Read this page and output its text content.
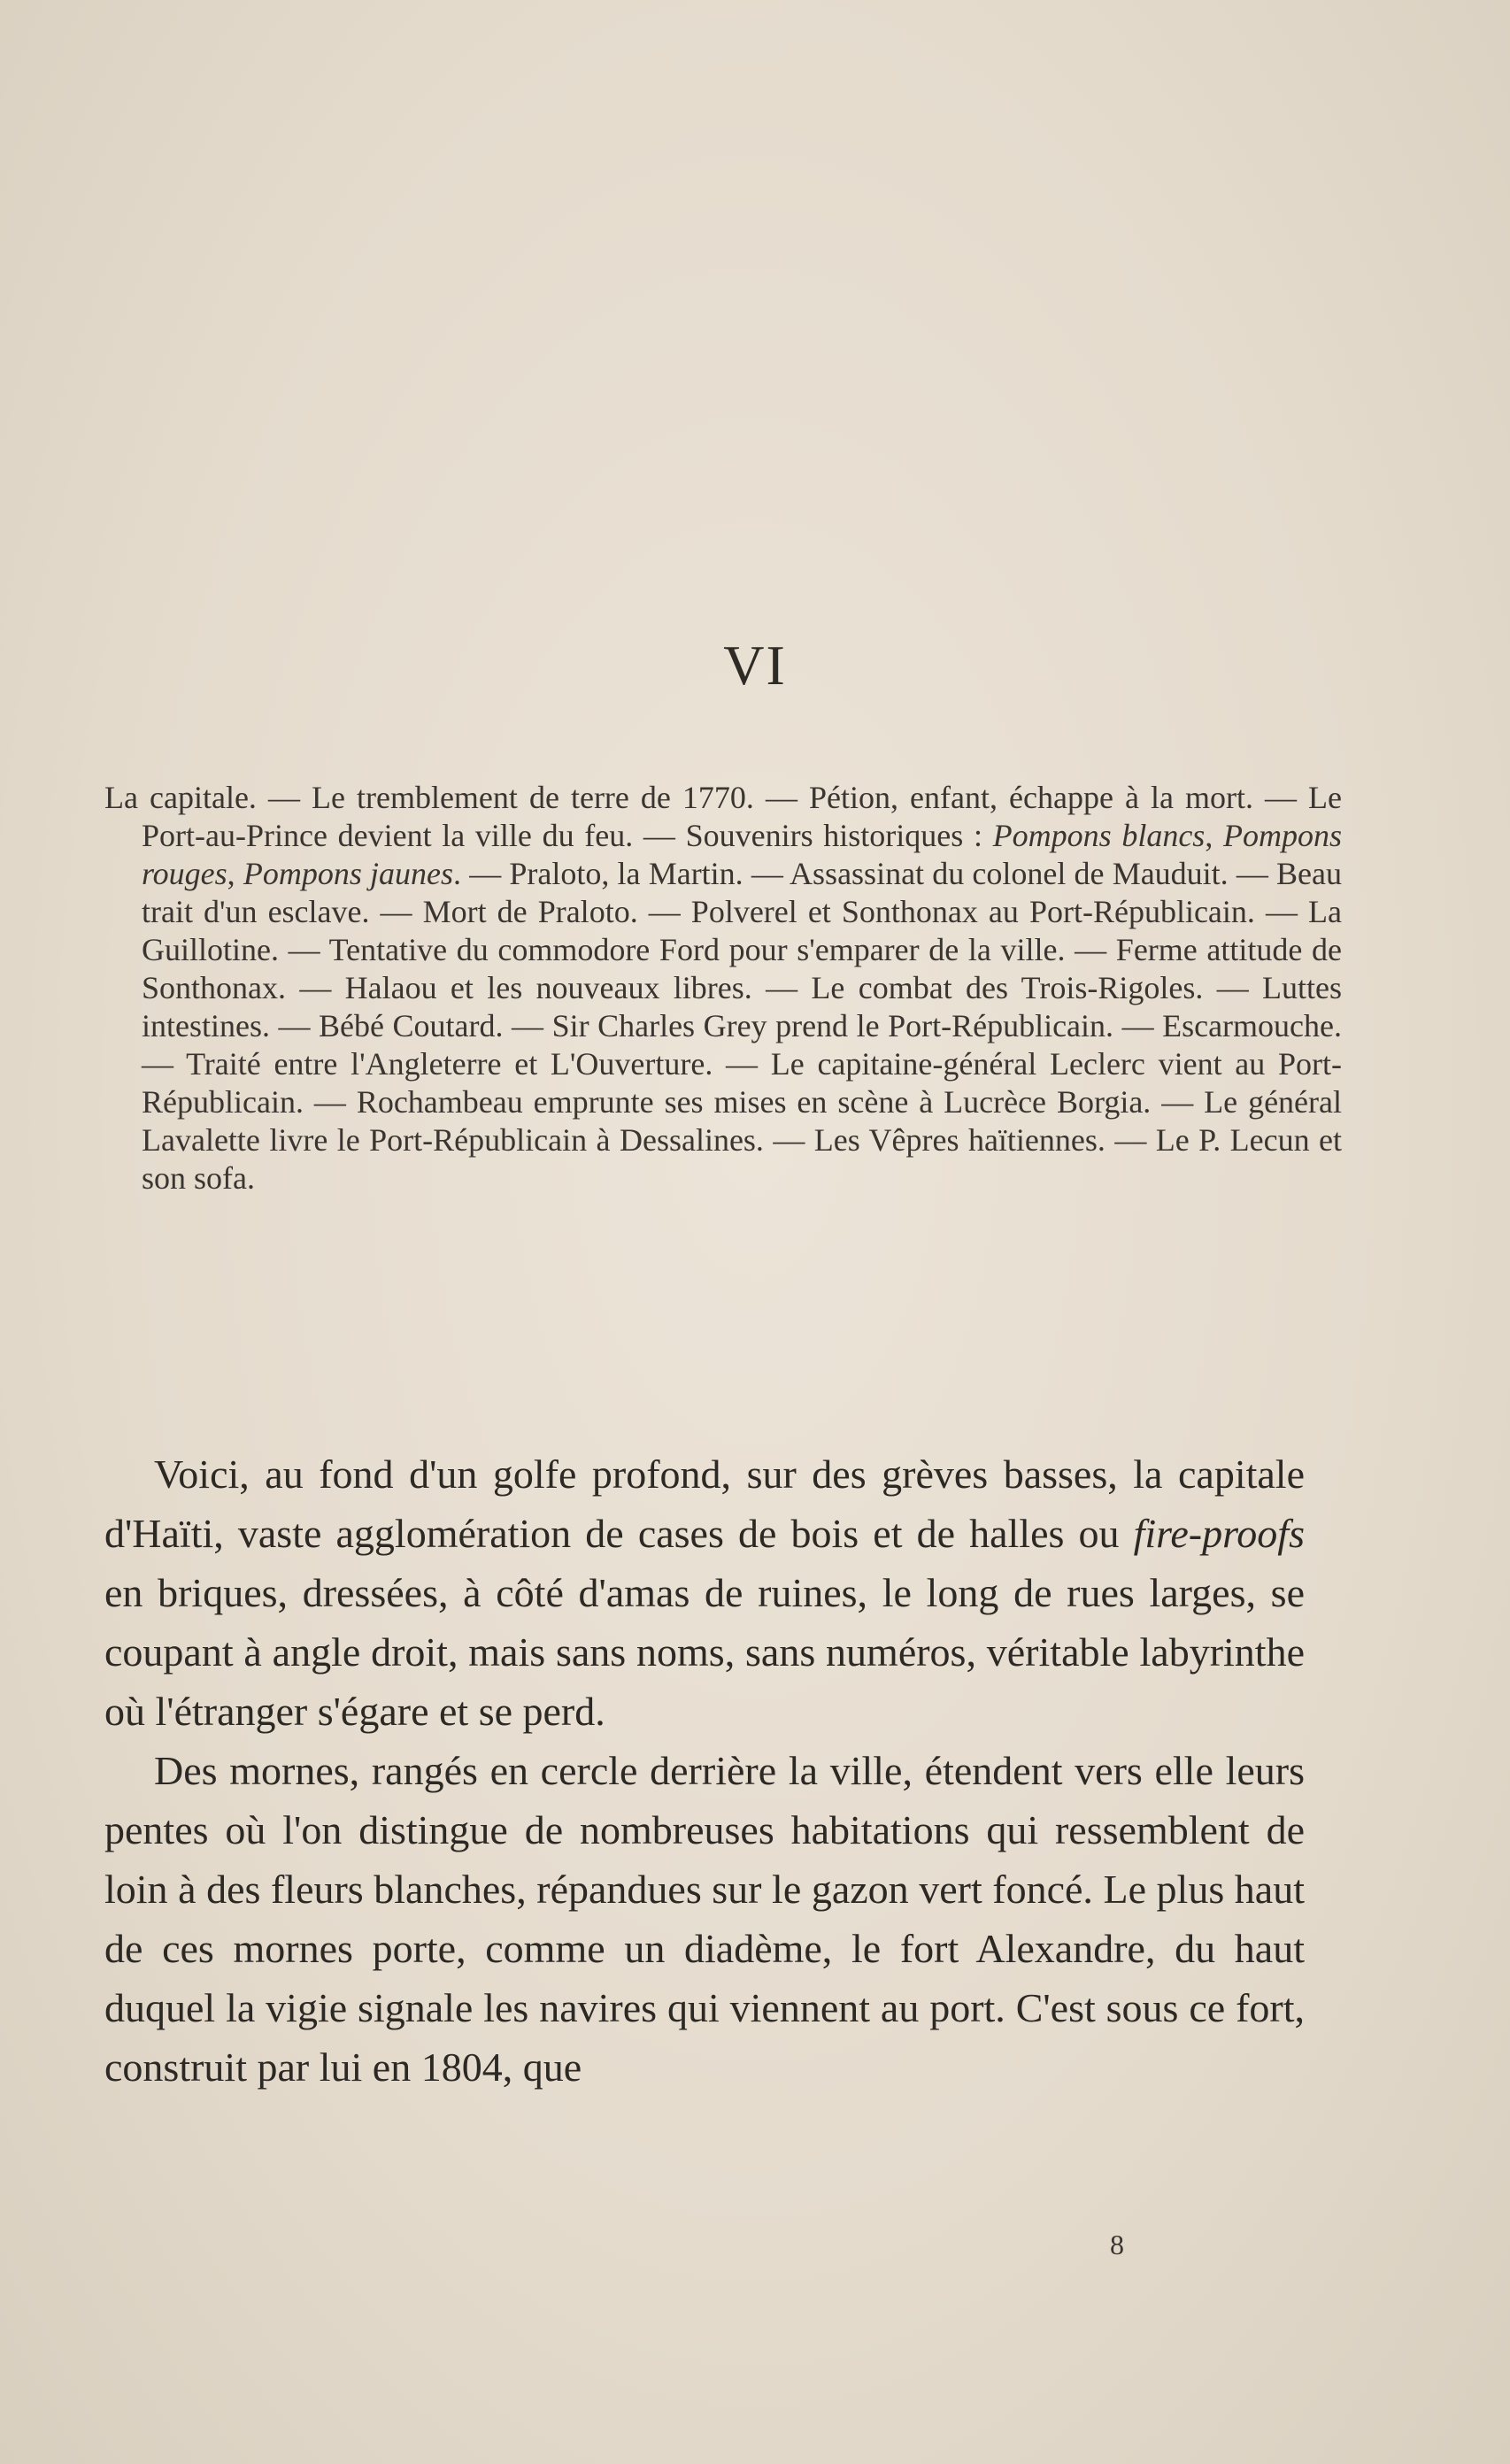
VI
La capitale. — Le tremblement de terre de 1770. — Pétion, enfant, échappe à la mort. — Le Port-au-Prince devient la ville du feu. — Souvenirs historiques : Pompons blancs, Pompons rouges, Pompons jaunes. — Praloto, la Martin. — Assassinat du colonel de Mauduit. — Beau trait d'un esclave. — Mort de Praloto. — Polverel et Sonthonax au Port-Républicain. — La Guillotine. — Tentative du commodore Ford pour s'emparer de la ville. — Ferme attitude de Sonthonax. — Halaou et les nouveaux libres. — Le combat des Trois-Rigoles. — Luttes intestines. — Bébé Coutard. — Sir Charles Grey prend le Port-Républicain. — Escarmouche. — Traité entre l'Angleterre et L'Ouverture. — Le capitaine-général Leclerc vient au Port-Républicain. — Rochambeau emprunte ses mises en scène à Lucrèce Borgia. — Le général Lavalette livre le Port-Républicain à Dessalines. — Les Vêpres haïtiennes. — Le P. Lecun et son sofa.

Voici, au fond d'un golfe profond, sur des grèves basses, la capitale d'Haïti, vaste agglomération de cases de bois et de halles ou fire-proofs en briques, dressées, à côté d'amas de ruines, le long de rues larges, se coupant à angle droit, mais sans noms, sans numéros, véritable labyrinthe où l'étranger s'égare et se perd.

Des mornes, rangés en cercle derrière la ville, étendent vers elle leurs pentes où l'on distingue de nombreuses habitations qui ressemblent de loin à des fleurs blanches, répandues sur le gazon vert foncé. Le plus haut de ces mornes porte, comme un diadème, le fort Alexandre, du haut duquel la vigie signale les navires qui viennent au port. C'est sous ce fort, construit par lui en 1804, que

8
